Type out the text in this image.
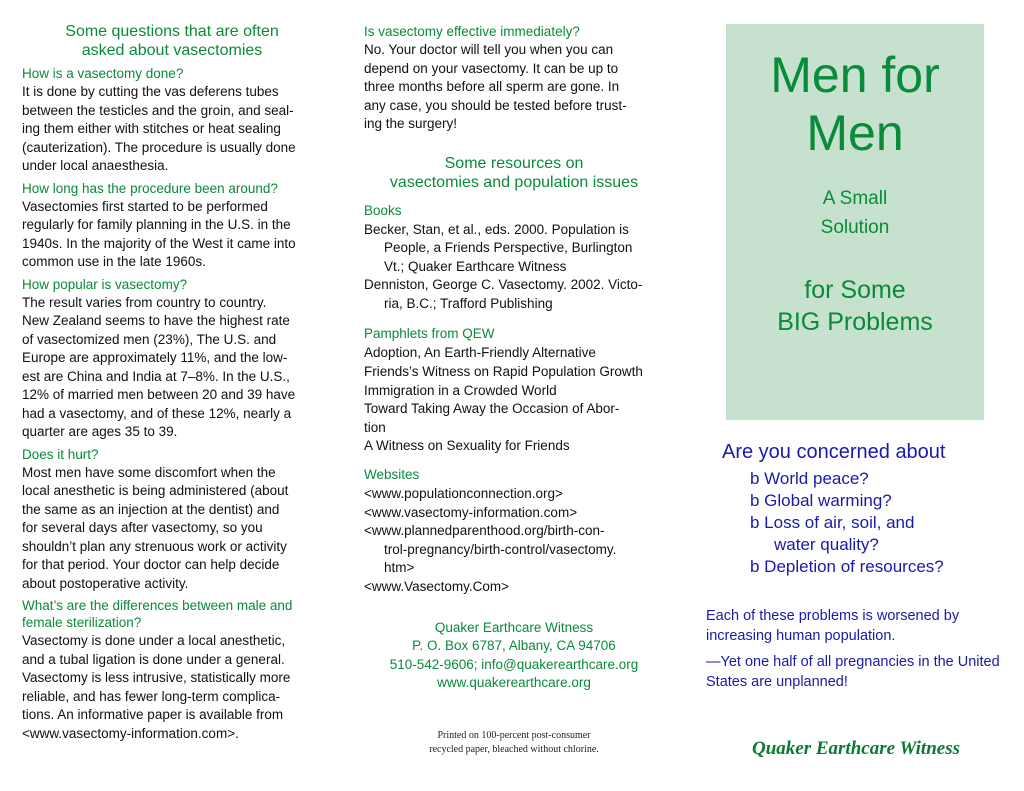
Some questions that are often
asked about vasectomies
How is a vasectomy done?
It is done by cutting the vas deferens tubes
between the testicles and the groin, and seal-
ing them either with stitches or heat sealing
(cauterization). The procedure is usually done
under local anaesthesia.
How long has the procedure been around?
Vasectomies first started to be performed
regularly for family planning in the U.S. in the
1940s. In the majority of the West it came into
common use in the late 1960s.
How popular is vasectomy?
The result varies from country to country.
New Zealand seems to have the highest rate
of vasectomized men (23%), The U.S. and
Europe are approximately 11%, and the low-
est are China and India at 7–8%. In the U.S.,
12% of married men between 20 and 39 have
had a vasectomy, and of these 12%, nearly a
quarter are ages 35 to 39.
Does it hurt?
Most men have some discomfort when the
local anesthetic is being administered (about
the same as an injection at the dentist) and
for several days after vasectomy, so you
shouldn’t plan any strenuous work or activity
for that period. Your doctor can help decide
about postoperative activity.
What’s are the differences between male and female sterilization?
Vasectomy is done under a local anesthetic,
and a tubal ligation is done under a general.
Vasectomy is less intrusive, statistically more
reliable, and has fewer long-term complica-
tions. An informative paper is available from
<www.vasectomy-information.com>.
Is vasectomy effective immediately?
No. Your doctor will tell you when you can
depend on your vasectomy. It can be up to
three months before all sperm are gone. In
any case, you should be tested before trust-
ing the surgery!
Some resources on
vasectomies and population issues
Books
Becker, Stan, et al., eds. 2000. Population is
People, a Friends Perspective, Burlington
Vt.; Quaker Earthcare Witness
Denniston, George C. Vasectomy. 2002. Victo-
ria, B.C.; Trafford Publishing
Pamphlets from QEW
Adoption, An Earth-Friendly Alternative
Friends’s Witness on Rapid Population Growth
Immigration in a Crowded World
Toward Taking Away the Occasion of Abor-
tion
A Witness on Sexuality for Friends
Websites
<www.populationconnection.org>
<www.vasectomy-information.com>
<www.plannedparenthood.org/birth-con-
trol-pregnancy/birth-control/vasectomy.
htm>
<www.Vasectomy.Com>
Quaker Earthcare Witness
P. O. Box 6787, Albany, CA 94706
510-542-9606; info@quakerearthcare.org
www.quakerearthcare.org
Printed on 100-percent post-consumer
recycled paper, bleached without chlorine.
Men for
Men
A Small
Solution
for Some
BIG Problems
Are you concerned about
b World peace?
b Global warming?
b Loss of air, soil, and
water quality?
b Depletion of resources?

Each of these problems is worsened by increasing human population.

—Yet one half of all pregnancies in the United States are unplanned!

Quaker Earthcare Witness
